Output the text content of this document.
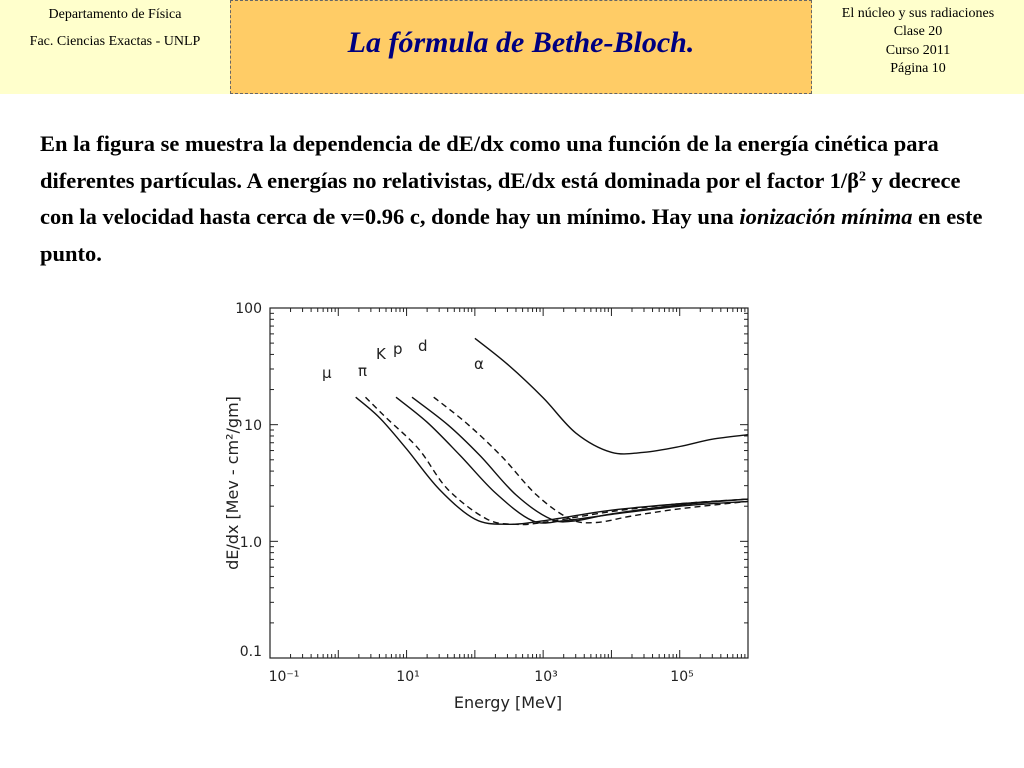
Departamento de Física
Fac. Ciencias Exactas - UNLP	La fórmula de Bethe-Bloch.
El núcleo y sus radiaciones
Clase 20
Curso 2011
Página 10

En la figura se muestra la dependencia de dE/dx como una función de la energía cinética para diferentes partículas. A energías no relativistas, dE/dx está dominada por el factor $1/\beta^2$ y decrece con la velocidad hasta cerca de v=0.96 c, donde hay un mínimo. Hay una ionización mínima en este punto.

10⁻¹	10¹	10³	10⁵
100
10
1.0
0.1
Energy [MeV]
dE/dx [Mev - cm²/gm]
μ π
K p d
α
